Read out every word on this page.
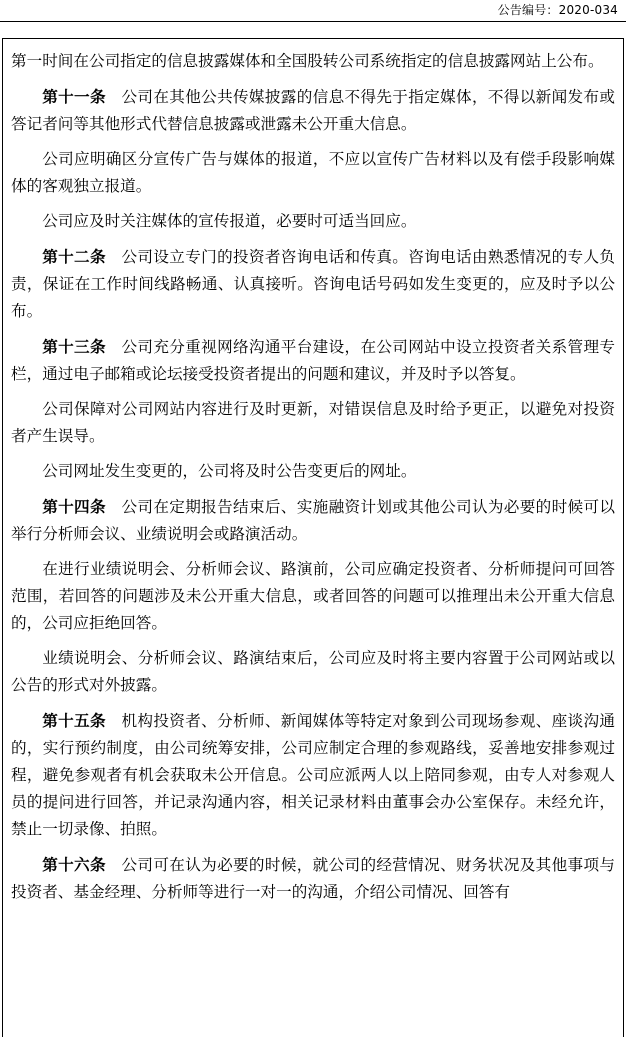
公告编号：2020-034

第一时间在公司指定的信息披露媒体和全国股转公司系统指定的信息披露网站上公布。

第十一条 公司在其他公共传媒披露的信息不得先于指定媒体，不得以新闻发布或答记者问等其他形式代替信息披露或泄露未公开重大信息。

公司应明确区分宣传广告与媒体的报道，不应以宣传广告材料以及有偿手段影响媒体的客观独立报道。

公司应及时关注媒体的宣传报道，必要时可适当回应。

第十二条 公司设立专门的投资者咨询电话和传真。咨询电话由熟悉情况的专人负责，保证在工作时间线路畅通、认真接听。咨询电话号码如发生变更的，应及时予以公布。

第十三条 公司充分重视网络沟通平台建设，在公司网站中设立投资者关系管理专栏，通过电子邮箱或论坛接受投资者提出的问题和建议，并及时予以答复。

公司保障对公司网站内容进行及时更新，对错误信息及时给予更正，以避免对投资者产生误导。

公司网址发生变更的，公司将及时公告变更后的网址。

第十四条 公司在定期报告结束后、实施融资计划或其他公司认为必要的时候可以举行分析师会议、业绩说明会或路演活动。

在进行业绩说明会、分析师会议、路演前，公司应确定投资者、分析师提问可回答范围，若回答的问题涉及未公开重大信息，或者回答的问题可以推理出未公开重大信息的，公司应拒绝回答。

业绩说明会、分析师会议、路演结束后，公司应及时将主要内容置于公司网站或以公告的形式对外披露。

第十五条 机构投资者、分析师、新闻媒体等特定对象到公司现场参观、座谈沟通的，实行预约制度，由公司统筹安排，公司应制定合理的参观路线，妥善地安排参观过程，避免参观者有机会获取未公开信息。公司应派两人以上陪同参观，由专人对参观人员的提问进行回答，并记录沟通内容，相关记录材料由董事会办公室保存。未经允许，禁止一切录像、拍照。

第十六条 公司可在认为必要的时候，就公司的经营情况、财务状况及其他事项与投资者、基金经理、分析师等进行一对一的沟通，介绍公司情况、回答有
